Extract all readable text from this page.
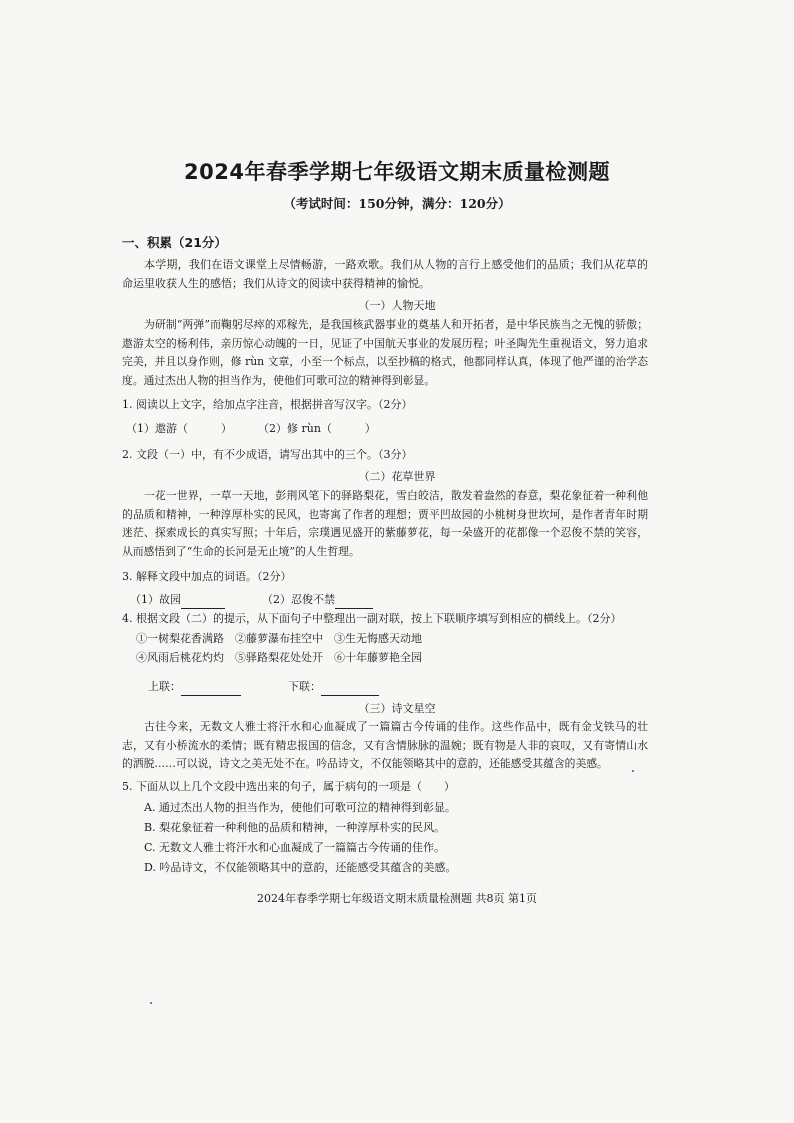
2024年春季学期七年级语文期末质量检测题
（考试时间：150分钟，满分：120分）
一、积累（21分）
本学期，我们在语文课堂上尽情畅游，一路欢歌。我们从人物的言行上感受他们的品质；我们从花草的命运里收获人生的感悟；我们从诗文的阅读中获得精神的愉悦。
（一）人物天地
为研制“两弹”而鞠躬尽瘁的邓稼先，是我国核武器事业的奠基人和开拓者，是中华民族当之无愧的骄傲；遨游太空的杨利伟，亲历惊心动魄的一日，见证了中国航天事业的发展历程；叶圣陶先生重视语文，努力追求完美，并且以身作则，修 rùn 文章，小至一个标点，以至抄稿的格式，他都同样认真，体现了他严谨的治学态度。通过杰出人物的担当作为，使他们可歌可泣的精神得到彰显。
1. 阅读以上文字，给加点字注音，根据拼音写汉字。（2分）
（1）遨游（　　　） （2）修 rùn（　　　）
2. 文段（一）中，有不少成语，请写出其中的三个。（3分）
（二）花草世界
一花一世界，一草一天地，彭荆风笔下的驿路梨花，雪白皎洁，散发着盎然的春意，梨花象征着一种利他的品质和精神，一种淳厚朴实的民风，也寄寓了作者的理想；贾平凹故园的小桃树身世坎坷，是作者青年时期迷茫、探索成长的真实写照；十年后，宗璞遇见盛开的紫藤萝花，每一朵盛开的花都像一个忍俊不禁的笑容，从而感悟到了“生命的长河是无止境”的人生哲理。
3. 解释文段中加点的词语。（2分）
（1）故园	（2）忍俊不禁
4. 根据文段（二）的提示，从下面句子中整理出一副对联，按上下联顺序填写到相应的横线上。（2分）
①一树梨花香满路　②藤萝瀑布挂空中　③生无悔感天动地
④风雨后桃花灼灼　⑤驿路梨花处处开　⑥十年藤萝艳全园
上联：	下联：
（三）诗文星空
古往今来，无数文人雅士将汗水和心血凝成了一篇篇古今传诵的佳作。这些作品中，既有金戈铁马的壮志，又有小桥流水的柔情；既有精忠报国的信念，又有含情脉脉的温婉；既有物是人非的哀叹，又有寄情山水的洒脱……可以说，诗文之美无处不在。吟品诗文，不仅能领略其中的意韵，还能感受其蕴含的美感。
5. 下面从以上几个文段中选出来的句子，属于病句的一项是（　　）
A. 通过杰出人物的担当作为，使他们可歌可泣的精神得到彰显。
B. 梨花象征着一种利他的品质和精神，一种淳厚朴实的民风。
C. 无数文人雅士将汗水和心血凝成了一篇篇古今传诵的佳作。
D. 吟品诗文，不仅能领略其中的意韵，还能感受其蕴含的美感。
2024年春季学期七年级语文期末质量检测题 共8页 第1页
